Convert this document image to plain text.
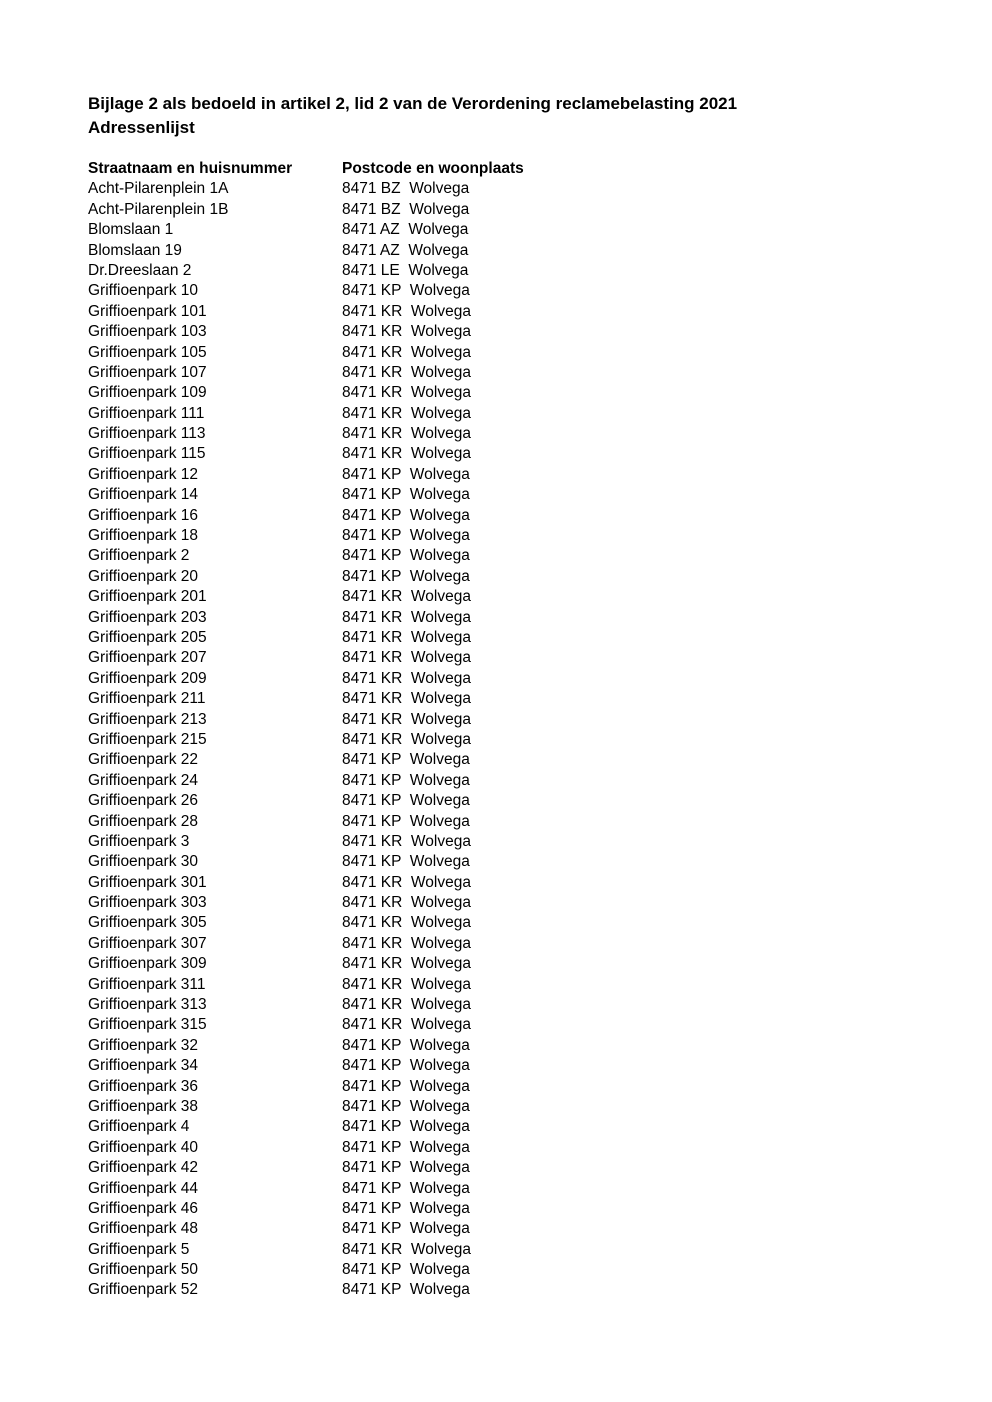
Bijlage 2 als bedoeld in artikel 2, lid 2 van de Verordening reclamebelasting 2021
Adressenlijst
Straatnaam en huisnummer	Postcode en woonplaats
Acht-Pilarenplein 1A	8471 BZ  Wolvega
Acht-Pilarenplein 1B	8471 BZ  Wolvega
Blomslaan 1	8471 AZ  Wolvega
Blomslaan 19	8471 AZ  Wolvega
Dr.Dreeslaan 2	8471 LE  Wolvega
Griffioenpark 10	8471 KP  Wolvega
Griffioenpark 101	8471 KR  Wolvega
Griffioenpark 103	8471 KR  Wolvega
Griffioenpark 105	8471 KR  Wolvega
Griffioenpark 107	8471 KR  Wolvega
Griffioenpark 109	8471 KR  Wolvega
Griffioenpark 111	8471 KR  Wolvega
Griffioenpark 113	8471 KR  Wolvega
Griffioenpark 115	8471 KR  Wolvega
Griffioenpark 12	8471 KP  Wolvega
Griffioenpark 14	8471 KP  Wolvega
Griffioenpark 16	8471 KP  Wolvega
Griffioenpark 18	8471 KP  Wolvega
Griffioenpark 2	8471 KP  Wolvega
Griffioenpark 20	8471 KP  Wolvega
Griffioenpark 201	8471 KR  Wolvega
Griffioenpark 203	8471 KR  Wolvega
Griffioenpark 205	8471 KR  Wolvega
Griffioenpark 207	8471 KR  Wolvega
Griffioenpark 209	8471 KR  Wolvega
Griffioenpark 211	8471 KR  Wolvega
Griffioenpark 213	8471 KR  Wolvega
Griffioenpark 215	8471 KR  Wolvega
Griffioenpark 22	8471 KP  Wolvega
Griffioenpark 24	8471 KP  Wolvega
Griffioenpark 26	8471 KP  Wolvega
Griffioenpark 28	8471 KP  Wolvega
Griffioenpark 3	8471 KR  Wolvega
Griffioenpark 30	8471 KP  Wolvega
Griffioenpark 301	8471 KR  Wolvega
Griffioenpark 303	8471 KR  Wolvega
Griffioenpark 305	8471 KR  Wolvega
Griffioenpark 307	8471 KR  Wolvega
Griffioenpark 309	8471 KR  Wolvega
Griffioenpark 311	8471 KR  Wolvega
Griffioenpark 313	8471 KR  Wolvega
Griffioenpark 315	8471 KR  Wolvega
Griffioenpark 32	8471 KP  Wolvega
Griffioenpark 34	8471 KP  Wolvega
Griffioenpark 36	8471 KP  Wolvega
Griffioenpark 38	8471 KP  Wolvega
Griffioenpark 4	8471 KP  Wolvega
Griffioenpark 40	8471 KP  Wolvega
Griffioenpark 42	8471 KP  Wolvega
Griffioenpark 44	8471 KP  Wolvega
Griffioenpark 46	8471 KP  Wolvega
Griffioenpark 48	8471 KP  Wolvega
Griffioenpark 5	8471 KR  Wolvega
Griffioenpark 50	8471 KP  Wolvega
Griffioenpark 52	8471 KP  Wolvega
